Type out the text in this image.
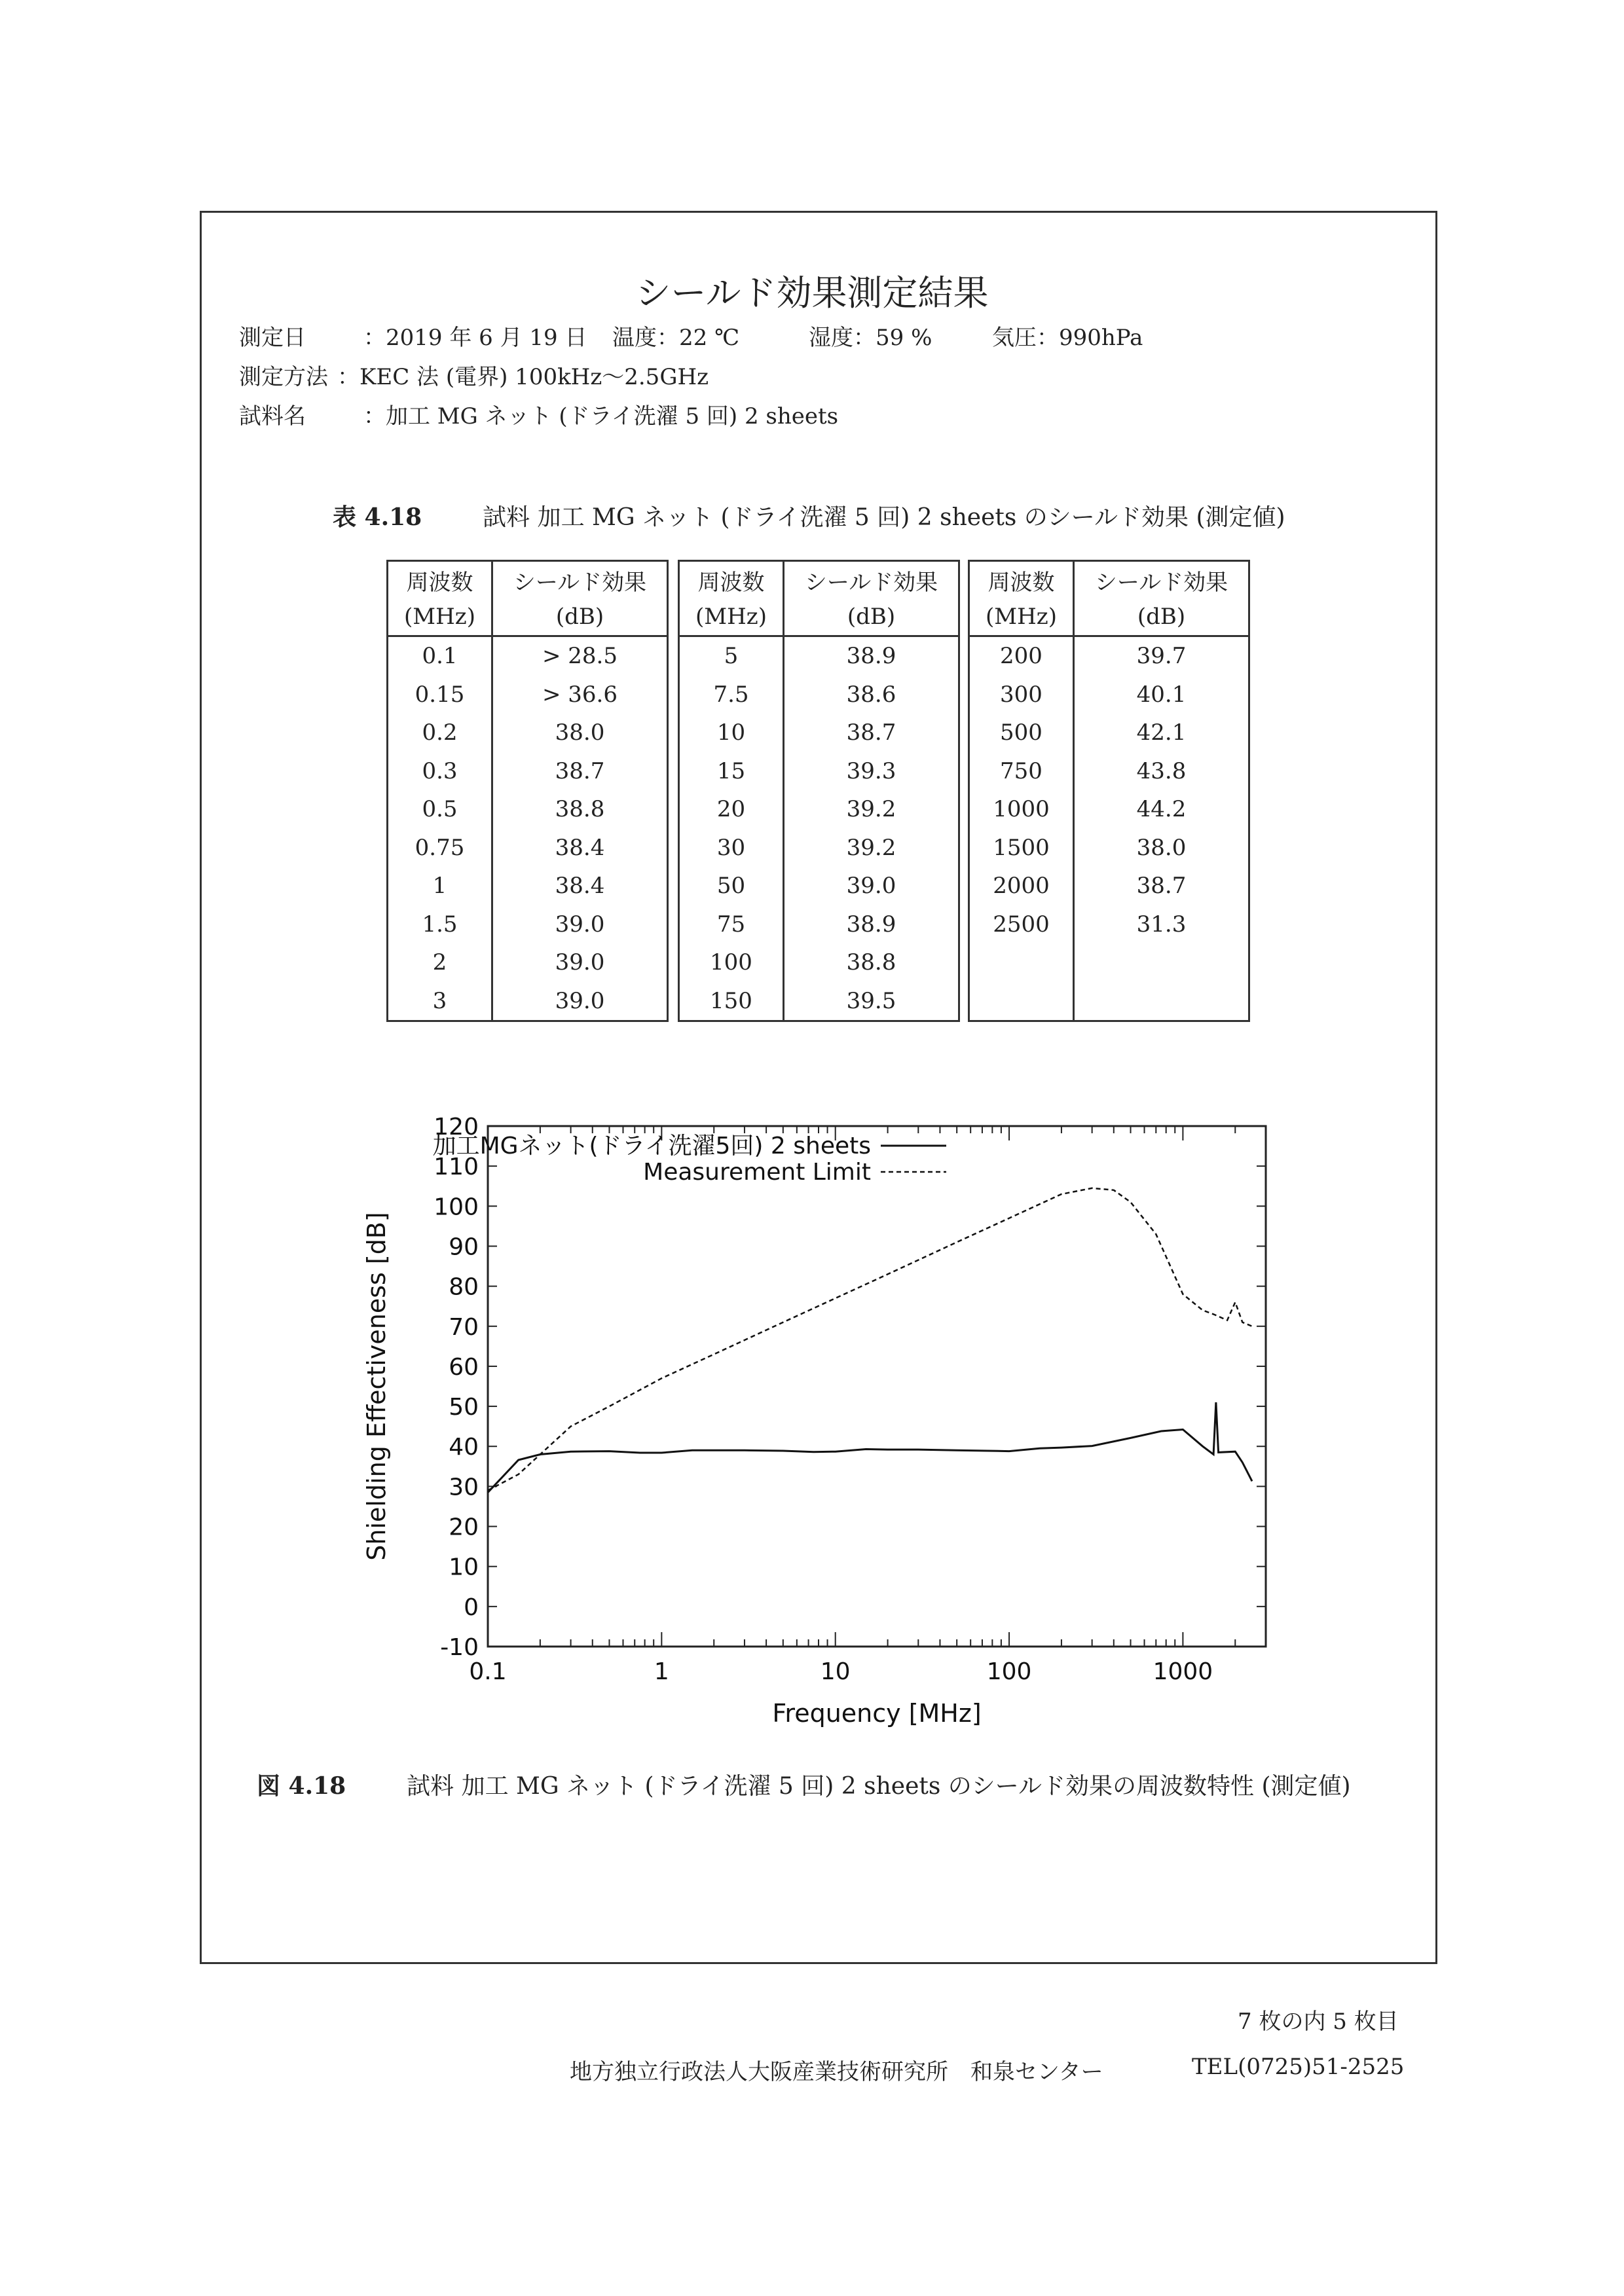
シールド効果測定結果
測定日	：2019 年 6 月 19 日 温度：22 ℃	湿度：59 %	気圧：990hPa
測定方法 ：KEC 法 (電界) 100kHz〜2.5GHz
試料名	：加工 MG ネット (ドライ洗濯 5 回) 2 sheets
表 4.18	試料 加工 MG ネット (ドライ洗濯 5 回) 2 sheets のシールド効果 (測定値)
周波数	シールド効果
(MHz)	(dB)
0.1	> 28.5
0.15	> 36.6
0.2	38.0
0.3	38.7
0.5	38.8
0.75	38.4
1	38.4
1.5	39.0
2	39.0
3	39.0
周波数	シールド効果
(MHz)	(dB)
5	38.9
7.5	38.6
10	38.7
15	39.3
20	39.2
30	39.2
50	39.0
75	38.9
100	38.8
150	39.5
周波数	シールド効果
(MHz)	(dB)
200	39.7
300	40.1
500	42.1
750	43.8
1000	44.2
1500	38.0
2000	38.7
2500	31.3

-10
0
10
20
30
40
50
60
70
80
90
100
110
120
0.1	1	10	100	1000
Frequency [MHz]
Shielding Effectiveness [dB]
加工MGネット(ドライ洗濯5回) 2 sheets
Measurement Limit
図 4.18	試料 加工 MG ネット (ドライ洗濯 5 回) 2 sheets のシールド効果の周波数特性 (測定値)
7 枚の内 5 枚目
地方独立行政法人大阪産業技術研究所　和泉センター	TEL(0725)51-2525
